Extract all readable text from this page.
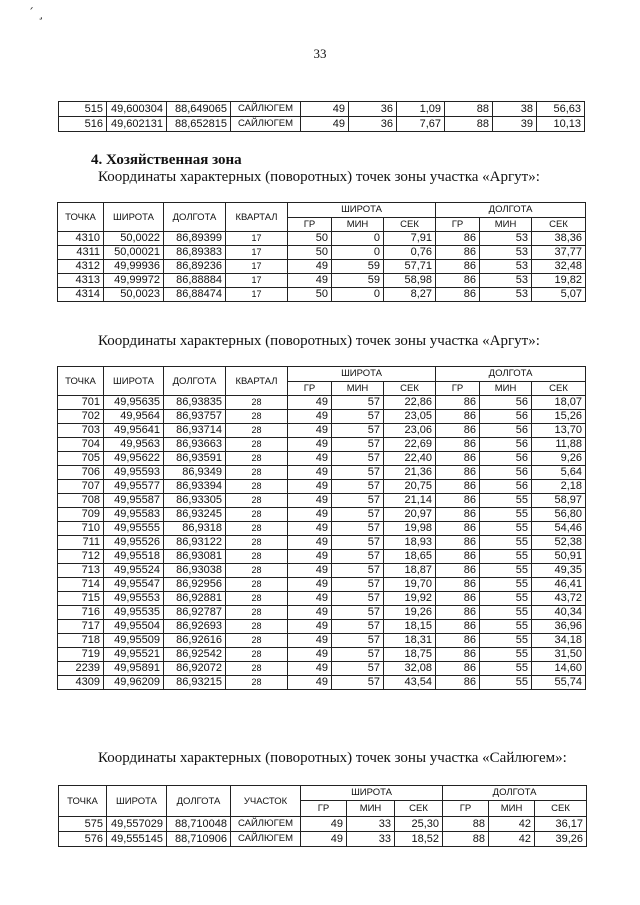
´ ¸
33
515	49,600304	88,649065	САЙЛЮГЕМ	49	36	1,09	88	38	56,63
516	49,602131	88,652815	САЙЛЮГЕМ	49	36	7,67	88	39	10,13
4. Хозяйственная зона
Координаты характерных (поворотных) точек зоны участка «Аргут»:
ТОЧКА	ШИРОТА	ДОЛГОТА	КВАРТАЛ	ШИРОТА			ДОЛГОТА		
				ГР	МИН	СЕК	ГР	МИН	СЕК
4310	50,0022	86,89399	17	50	0	7,91	86	53	38,36
4311	50,00021	86,89383	17	50	0	0,76	86	53	37,77
4312	49,99936	86,89236	17	49	59	57,71	86	53	32,48
4313	49,99972	86,88884	17	49	59	58,98	86	53	19,82
4314	50,0023	86,88474	17	50	0	8,27	86	53	5,07
Координаты характерных (поворотных) точек зоны участка «Аргут»:
ТОЧКА	ШИРОТА	ДОЛГОТА	КВАРТАЛ	ШИРОТА			ДОЛГОТА		
				ГР	МИН	СЕК	ГР	МИН	СЕК
701	49,95635	86,93835	28	49	57	22,86	86	56	18,07
702	49,9564	86,93757	28	49	57	23,05	86	56	15,26
703	49,95641	86,93714	28	49	57	23,06	86	56	13,70
704	49,9563	86,93663	28	49	57	22,69	86	56	11,88
705	49,95622	86,93591	28	49	57	22,40	86	56	9,26
706	49,95593	86,9349	28	49	57	21,36	86	56	5,64
707	49,95577	86,93394	28	49	57	20,75	86	56	2,18
708	49,95587	86,93305	28	49	57	21,14	86	55	58,97
709	49,95583	86,93245	28	49	57	20,97	86	55	56,80
710	49,95555	86,9318	28	49	57	19,98	86	55	54,46
711	49,95526	86,93122	28	49	57	18,93	86	55	52,38
712	49,95518	86,93081	28	49	57	18,65	86	55	50,91
713	49,95524	86,93038	28	49	57	18,87	86	55	49,35
714	49,95547	86,92956	28	49	57	19,70	86	55	46,41
715	49,95553	86,92881	28	49	57	19,92	86	55	43,72
716	49,95535	86,92787	28	49	57	19,26	86	55	40,34
717	49,95504	86,92693	28	49	57	18,15	86	55	36,96
718	49,95509	86,92616	28	49	57	18,31	86	55	34,18
719	49,95521	86,92542	28	49	57	18,75	86	55	31,50
2239	49,95891	86,92072	28	49	57	32,08	86	55	14,60
4309	49,96209	86,93215	28	49	57	43,54	86	55	55,74
Координаты характерных (поворотных) точек зоны участка «Сайлюгем»:
ТОЧКА	ШИРОТА	ДОЛГОТА	УЧАСТОК	ШИРОТА			ДОЛГОТА		
				ГР	МИН	СЕК	ГР	МИН	СЕК
575	49,557029	88,710048	САЙЛЮГЕМ	49	33	25,30	88	42	36,17
576	49,555145	88,710906	САЙЛЮГЕМ	49	33	18,52	88	42	39,26
